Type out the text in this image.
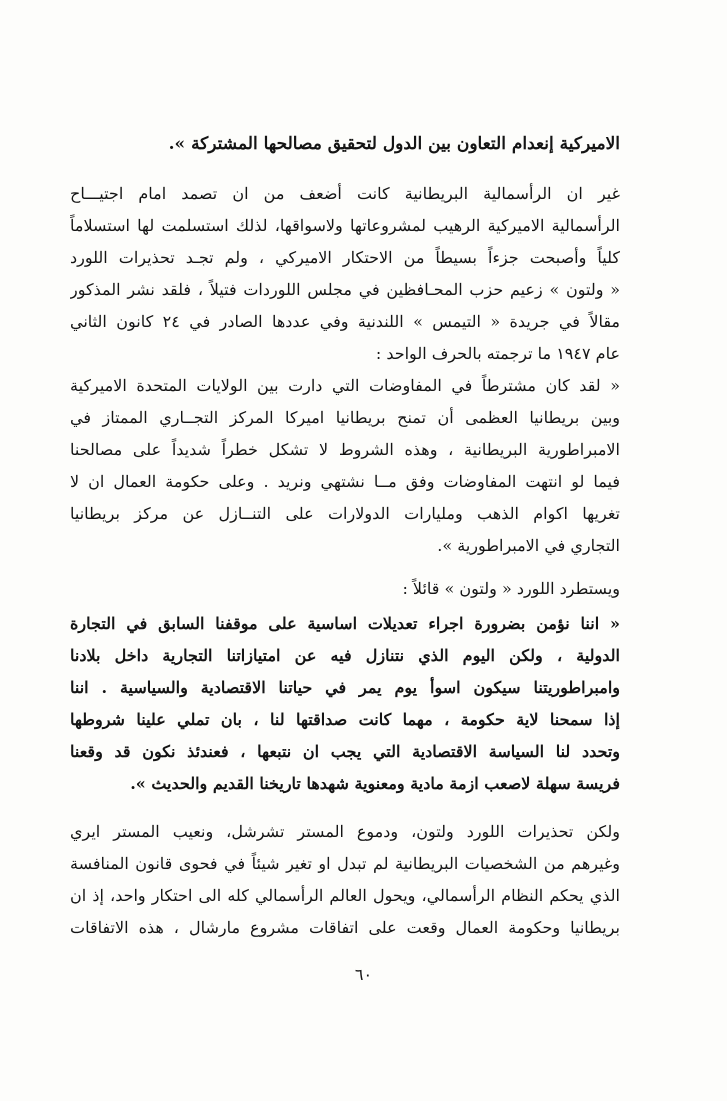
الاميركية إنعدام التعاون بين الدول لتحقيق مصالحها المشتركة ».
غير ان الرأسمالية البريطانية كانت أضعف من ان تصمد امام اجتيـــاح
الرأسمالية الاميركية الرهيب لمشروعاتها ولاسواقها، لذلك استسلمت لها استسلاماً
كلياً وأصبحت جزءاً بسيطاً من الاحتكار الاميركي ، ولم تجـد تحذيرات اللورد
« ولتون » زعيم حزب المحـافظين في مجلس اللوردات فتيلاً ، فلقد نشر المذكور
مقالاً في جريدة « التيمس » اللندنية وفي عددها الصادر في ٢٤ كانون الثاني
عام ١٩٤٧ ما ترجمته بالحرف الواحد :
« لقد كان مشترطاً في المفاوضات التي دارت بين الولايات المتحدة الاميركية
وبين بريطانيا العظمى أن تمنح بريطانيا اميركا المركز التجــاري الممتاز في
الامبراطورية البريطانية ، وهذه الشروط لا تشكل خطراً شديداً على مصالحنا
فيما لو انتهت المفاوضات وفق مــا نشتهي ونريد . وعلى حكومة العمال ان لا
تغريها اكوام الذهب ومليارات الدولارات على التنــازل عن مركز بريطانيا
التجاري في الامبراطورية ».
ويستطرد اللورد « ولتون » قائلاً :
« اننا نؤمن بضرورة اجراء تعديلات اساسية على موقفنا السابق في التجارة
الدولية ، ولكن اليوم الذي نتنازل فيه عن امتيازاتنا التجارية داخل بلادنا
وامبراطوريتنا سيكون اسوأ يوم يمر في حياتنا الاقتصادية والسياسية . اننا
إذا سمحنا لاية حكومة ، مهما كانت صداقتها لنا ، بان تملي علينا شروطها
وتحدد لنا السياسة الاقتصادية التي يجب ان نتبعها ، فعندئذ نكون قد وقعنا
فريسة سهلة لاصعب ازمة مادية ومعنوية شهدها تاريخنا القديم والحديث ».
ولكن تحذيرات اللورد ولتون، ودموع المستر تشرشل، ونعيب المستر ايري
وغيرهم من الشخصيات البريطانية لم تبدل او تغير شيئاً في فحوى قانون المنافسة
الذي يحكم النظام الرأسمالي، ويحول العالم الرأسمالي كله الى احتكار واحد، إذ ان
بريطانيا وحكومة العمال وقعت على اتفاقات مشروع مارشال ، هذه الاتفاقات
٦٠
